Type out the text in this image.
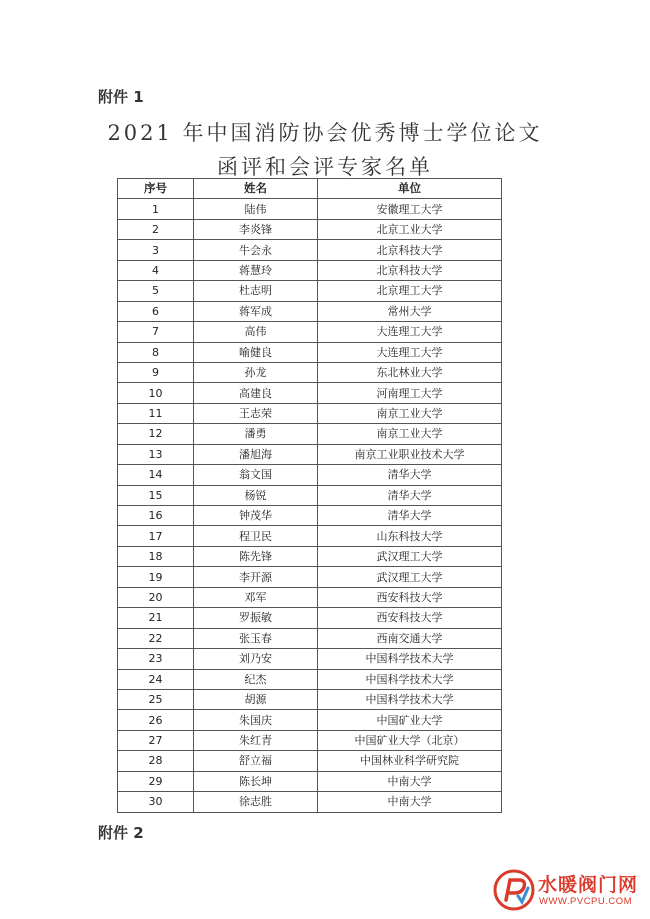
附件 1
2021 年中国消防协会优秀博士学位论文
函评和会评专家名单
序号	姓名	单位
1	陆伟	安徽理工大学
2	李炎锋	北京工业大学
3	牛会永	北京科技大学
4	蒋慧玲	北京科技大学
5	杜志明	北京理工大学
6	蒋军成	常州大学
7	高伟	大连理工大学
8	喻健良	大连理工大学
9	孙龙	东北林业大学
10	高建良	河南理工大学
11	王志荣	南京工业大学
12	潘勇	南京工业大学
13	潘旭海	南京工业职业技术大学
14	翁文国	清华大学
15	杨锐	清华大学
16	钟茂华	清华大学
17	程卫民	山东科技大学
18	陈先锋	武汉理工大学
19	李开源	武汉理工大学
20	邓军	西安科技大学
21	罗振敏	西安科技大学
22	张玉春	西南交通大学
23	刘乃安	中国科学技术大学
24	纪杰	中国科学技术大学
25	胡源	中国科学技术大学
26	朱国庆	中国矿业大学
27	朱红青	中国矿业大学（北京）
28	舒立福	中国林业科学研究院
29	陈长坤	中南大学
30	徐志胜	中南大学
附件 2
水暖阀门网
WWW.PVCPU.COM
